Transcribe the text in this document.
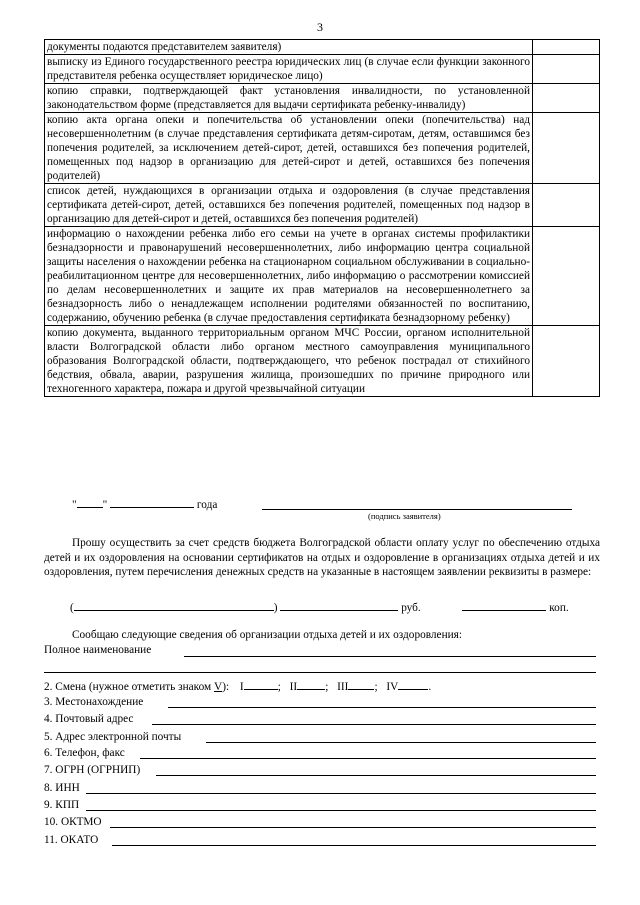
3
документы подаются представителем заявителя)	
выписку из Единого государственного реестра юридических лиц (в случае если функции законного представителя ребенка осуществляет юридическое лицо)	
копию справки, подтверждающей факт установления инвалидности, по установленной законодательством форме (представляется для выдачи сертификата ребенку-инвалиду)	
копию акта органа опеки и попечительства об установлении опеки (попечительства) над несовершеннолетним (в случае представления сертификата детям-сиротам, детям, оставшимся без попечения родителей, за исключением детей-сирот, детей, оставшихся без попечения родителей, помещенных под надзор в организацию для детей-сирот и детей, оставшихся без попечения родителей)	
список детей, нуждающихся в организации отдыха и оздоровления (в случае представления сертификата детей-сирот, детей, оставшихся без попечения родителей, помещенных под надзор в организацию для детей-сирот и детей, оставшихся без попечения родителей)	
информацию о нахождении ребенка либо его семьи на учете в органах системы профилактики безнадзорности и правонарушений несовершеннолетних, либо информацию центра социальной защиты населения о нахождении ребенка на стационарном социальном обслуживании в социально-реабилитационном центре для несовершеннолетних, либо информацию о рассмотрении комиссией по делам несовершеннолетних и защите их прав материалов на несовершеннолетнего за безнадзорность либо о ненадлежащем исполнении родителями обязанностей по воспитанию, содержанию, обучению ребенка (в случае предоставления сертификата безнадзорному ребенку)	
копию документа, выданного территориальным органом МЧС России, органом исполнительной власти Волгоградской области либо органом местного самоуправления муниципального образования Волгоградской области, подтверждающего, что ребенок пострадал от стихийного бедствия, обвала, аварии, разрушения жилища, произошедших по причине природного или техногенного характера, пожара и другой чрезвычайной ситуации	
" "	года
(подпись заявителя)
Прошу осуществить за счет средств бюджета Волгоградской области оплату услуг по обеспечению отдыха детей и их оздоровления на основании сертификатов на отдых и оздоровление в организациях отдыха детей и их оздоровления, путем перечисления денежных средств на указанные в настоящем заявлении реквизиты в размере:
(	)	руб.	коп.
Сообщаю следующие сведения об организации отдыха детей и их оздоровления:
Полное наименование
2. Смена (нужное отметить знаком V): I	; II ; III ; IV	.
3. Местонахождение
4. Почтовый адрес
5. Адрес электронной почты
6. Телефон, факс
7. ОГРН (ОГРНИП)
8. ИНН
9. КПП
10. ОКТМО
11. ОКАТО
